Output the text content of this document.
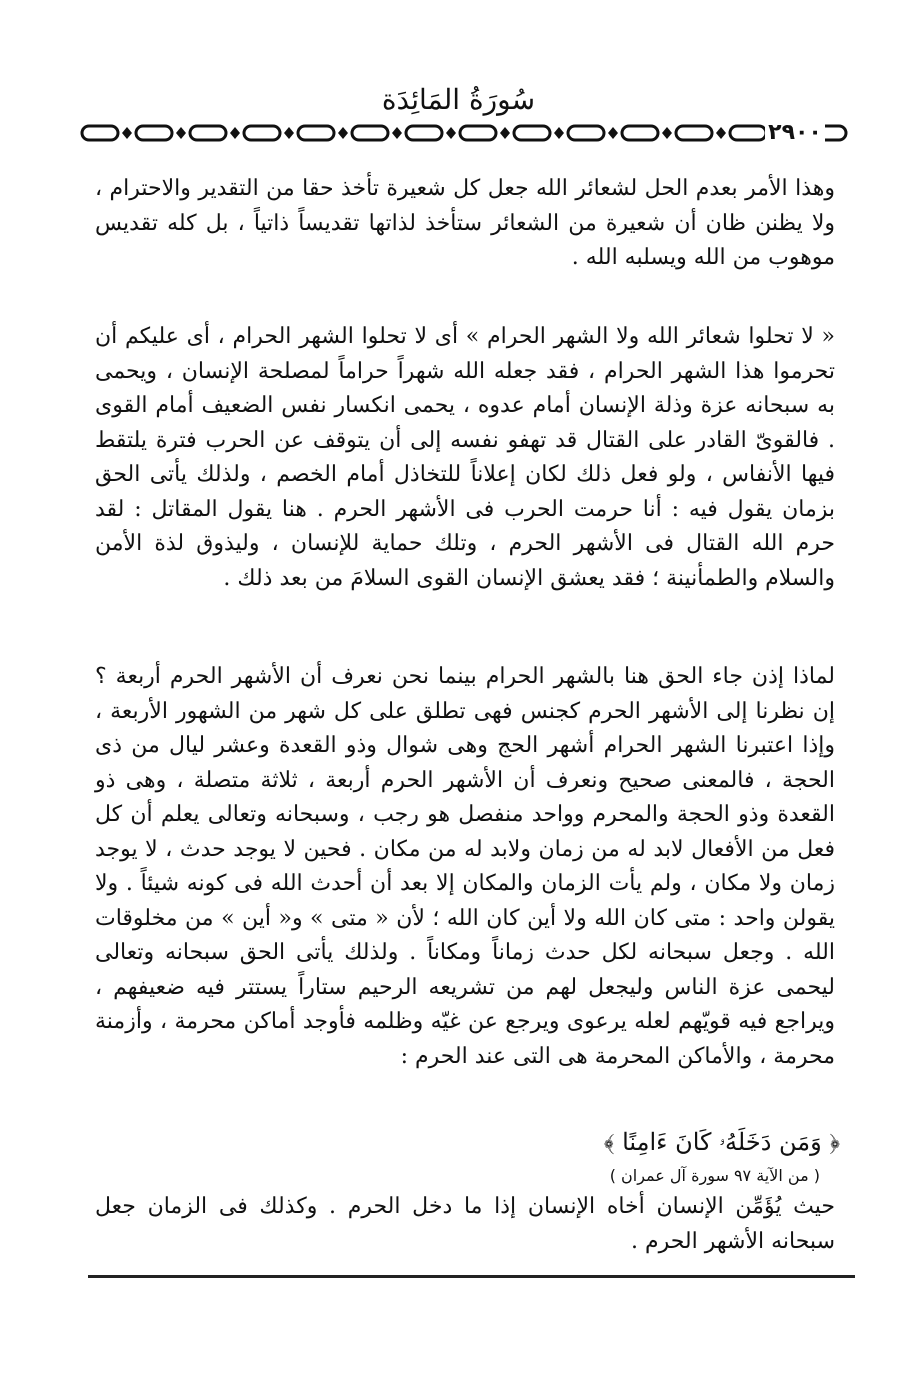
سُورَةُ المَائِدَة
٢٩٠٠
وهذا الأمر بعدم الحل لشعائر الله جعل كل شعيرة تأخذ حقا من التقدير والاحترام ، ولا يظنن ظان أن شعيرة من الشعائر ستأخذ لذاتها تقديساً ذاتياً ، بل كله تقديس موهوب من الله ويسلبه الله .
« لا تحلوا شعائر الله ولا الشهر الحرام » أى لا تحلوا الشهر الحرام ، أى عليكم أن تحرموا هذا الشهر الحرام ، فقد جعله الله شهراً حراماً لمصلحة الإنسان ، ويحمى به سبحانه عزة وذلة الإنسان أمام عدوه ، يحمى انكسار نفس الضعيف أمام القوى . فالقوىّ القادر على القتال قد تهفو نفسه إلى أن يتوقف عن الحرب فترة يلتقط فيها الأنفاس ، ولو فعل ذلك لكان إعلاناً للتخاذل أمام الخصم ، ولذلك يأتى الحق بزمان يقول فيه : أنا حرمت الحرب فى الأشهر الحرم . هنا يقول المقاتل : لقد حرم الله القتال فى الأشهر الحرم ، وتلك حماية للإنسان ، وليذوق لذة الأمن والسلام والطمأنينة ؛ فقد يعشق الإنسان القوى السلامَ من بعد ذلك .
لماذا إذن جاء الحق هنا بالشهر الحرام بينما نحن نعرف أن الأشهر الحرم أربعة ؟ إن نظرنا إلى الأشهر الحرم كجنس فهى تطلق على كل شهر من الشهور الأربعة ، وإذا اعتبرنا الشهر الحرام أشهر الحج وهى شوال وذو القعدة وعشر ليال من ذى الحجة ، فالمعنى صحيح ونعرف أن الأشهر الحرم أربعة ، ثلاثة متصلة ، وهى ذو القعدة وذو الحجة والمحرم وواحد منفصل هو رجب ، وسبحانه وتعالى يعلم أن كل فعل من الأفعال لابد له من زمان ولابد له من مكان . فحين لا يوجد حدث ، لا يوجد زمان ولا مكان ، ولم يأت الزمان والمكان إلا بعد أن أحدث الله فى كونه شيئاً . ولا يقولن واحد : متى كان الله ولا أين كان الله ؛ لأن « متى » و« أين » من مخلوقات الله . وجعل سبحانه لكل حدث زماناً ومكاناً . ولذلك يأتى الحق سبحانه وتعالى ليحمى عزة الناس وليجعل لهم من تشريعه الرحيم ستاراً يستتر فيه ضعيفهم ، ويراجع فيه قويّهم لعله يرعوى ويرجع عن غيّه وظلمه فأوجد أماكن محرمة ، وأزمنة محرمة ، والأماكن المحرمة هى التى عند الحرم :
﴿ وَمَن دَخَلَهُۥ كَانَ ءَامِنًا ﴾
( من الآية ٩٧ سورة آل عمران )
حيث يُؤَمِّن الإنسان أخاه الإنسان إذا ما دخل الحرم . وكذلك فى الزمان جعل سبحانه الأشهر الحرم .
